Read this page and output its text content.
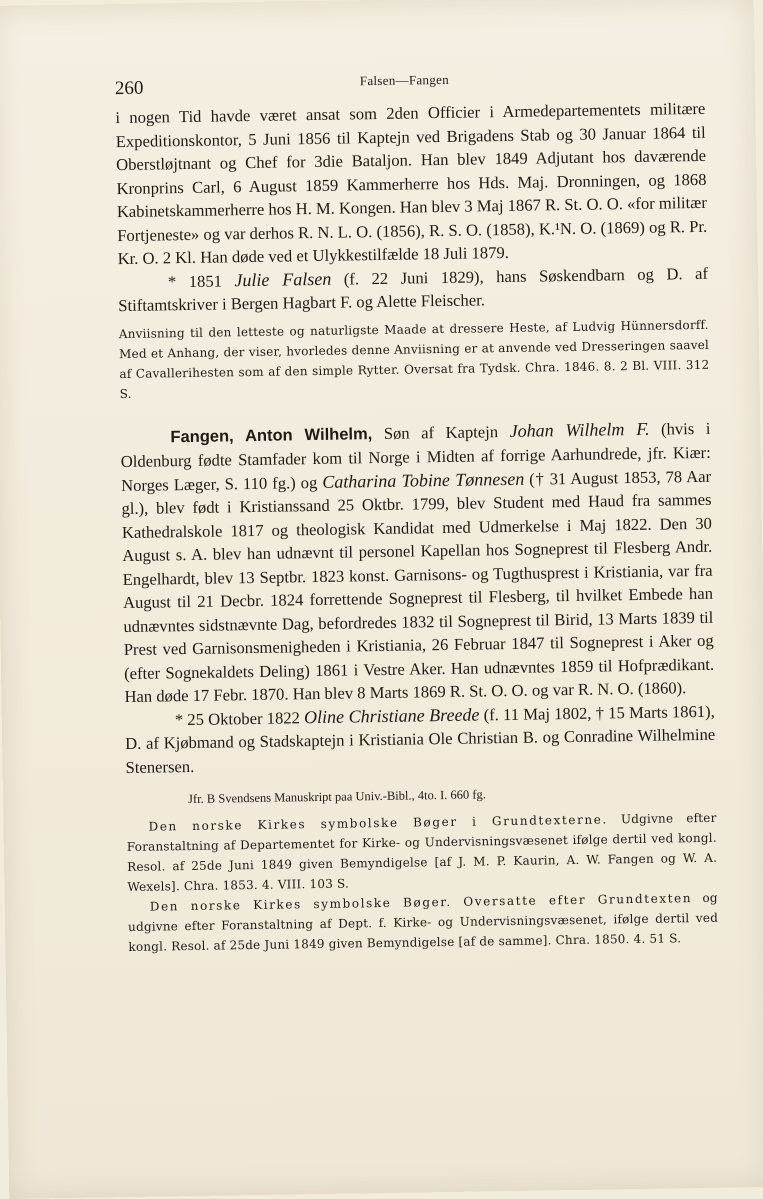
260	Falsen—Fangen

i nogen Tid havde været ansat som 2den Officier i Armedepartementets militære Expeditionskontor, 5 Juni 1856 til Kaptejn ved Brigadens Stab og 30 Januar 1864 til Oberstløjtnant og Chef for 3die Bataljon. Han blev 1849 Adjutant hos daværende Kronprins Carl, 6 August 1859 Kammerherre hos Hds. Maj. Dronningen, og 1868 Kabinetskammerherre hos H. M. Kongen. Han blev 3 Maj 1867 R. St. O. O. «for militær Fortjeneste» og var derhos R. N. L. O. (1856), R. S. O. (1858), K.¹N. O. (1869) og R. Pr. Kr. O. 2 Kl. Han døde ved et Ulykkestilfælde 18 Juli 1879.

* 1851 Julie Falsen (f. 22 Juni 1829), hans Søskendbarn og D. af Stiftamtskriver i Bergen Hagbart F. og Alette Fleischer.

Anviisning til den letteste og naturligste Maade at dressere Heste, af Ludvig Hünnersdorff. Med et Anhang, der viser, hvorledes denne Anviisning er at anvende ved Dresseringen saavel af Cavallerihesten som af den simple Rytter. Oversat fra Tydsk. Chra. 1846. 8. 2 Bl. VIII. 312 S.

Fangen, Anton Wilhelm, Søn af Kaptejn Johan Wilhelm F. (hvis i Oldenburg fødte Stamfader kom til Norge i Midten af forrige Aarhundrede, jfr. Kiær: Norges Læger, S. 110 fg.) og Catharina Tobine Tønnesen († 31 August 1853, 78 Aar gl.), blev født i Kristianssand 25 Oktbr. 1799, blev Student med Haud fra sammes Kathedralskole 1817 og theologisk Kandidat med Udmerkelse i Maj 1822. Den 30 August s. A. blev han udnævnt til personel Kapellan hos Sogneprest til Flesberg Andr. Engelhardt, blev 13 Septbr. 1823 konst. Garnisons- og Tugthusprest i Kristiania, var fra August til 21 Decbr. 1824 forrettende Sogneprest til Flesberg, til hvilket Embede han udnævntes sidstnævnte Dag, befordredes 1832 til Sogneprest til Birid, 13 Marts 1839 til Prest ved Garnisonsmenigheden i Kristiania, 26 Februar 1847 til Sogneprest i Aker og (efter Sognekaldets Deling) 1861 i Vestre Aker. Han udnævntes 1859 til Hofprædikant. Han døde 17 Febr. 1870. Han blev 8 Marts 1869 R. St. O. O. og var R. N. O. (1860).

* 25 Oktober 1822 Oline Christiane Breede (f. 11 Maj 1802, † 15 Marts 1861), D. af Kjøbmand og Stadskaptejn i Kristiania Ole Christian B. og Conradine Wilhelmine Stenersen.

Jfr. B Svendsens Manuskript paa Univ.-Bibl., 4to. I. 660 fg.

Den norske Kirkes symbolske Bøger i Grundtexterne. Udgivne efter Foranstaltning af Departementet for Kirke- og Undervisningsvæsenet ifølge dertil ved kongl. Resol. af 25de Juni 1849 given Bemyndigelse [af J. M. P. Kaurin, A. W. Fangen og W. A. Wexels]. Chra. 1853. 4. VIII. 103 S.

Den norske Kirkes symbolske Bøger. Oversatte efter Grundtexten og udgivne efter Foranstaltning af Dept. f. Kirke- og Undervisningsvæsenet, ifølge dertil ved kongl. Resol. af 25de Juni 1849 given Bemyndigelse [af de samme]. Chra. 1850. 4. 51 S.
